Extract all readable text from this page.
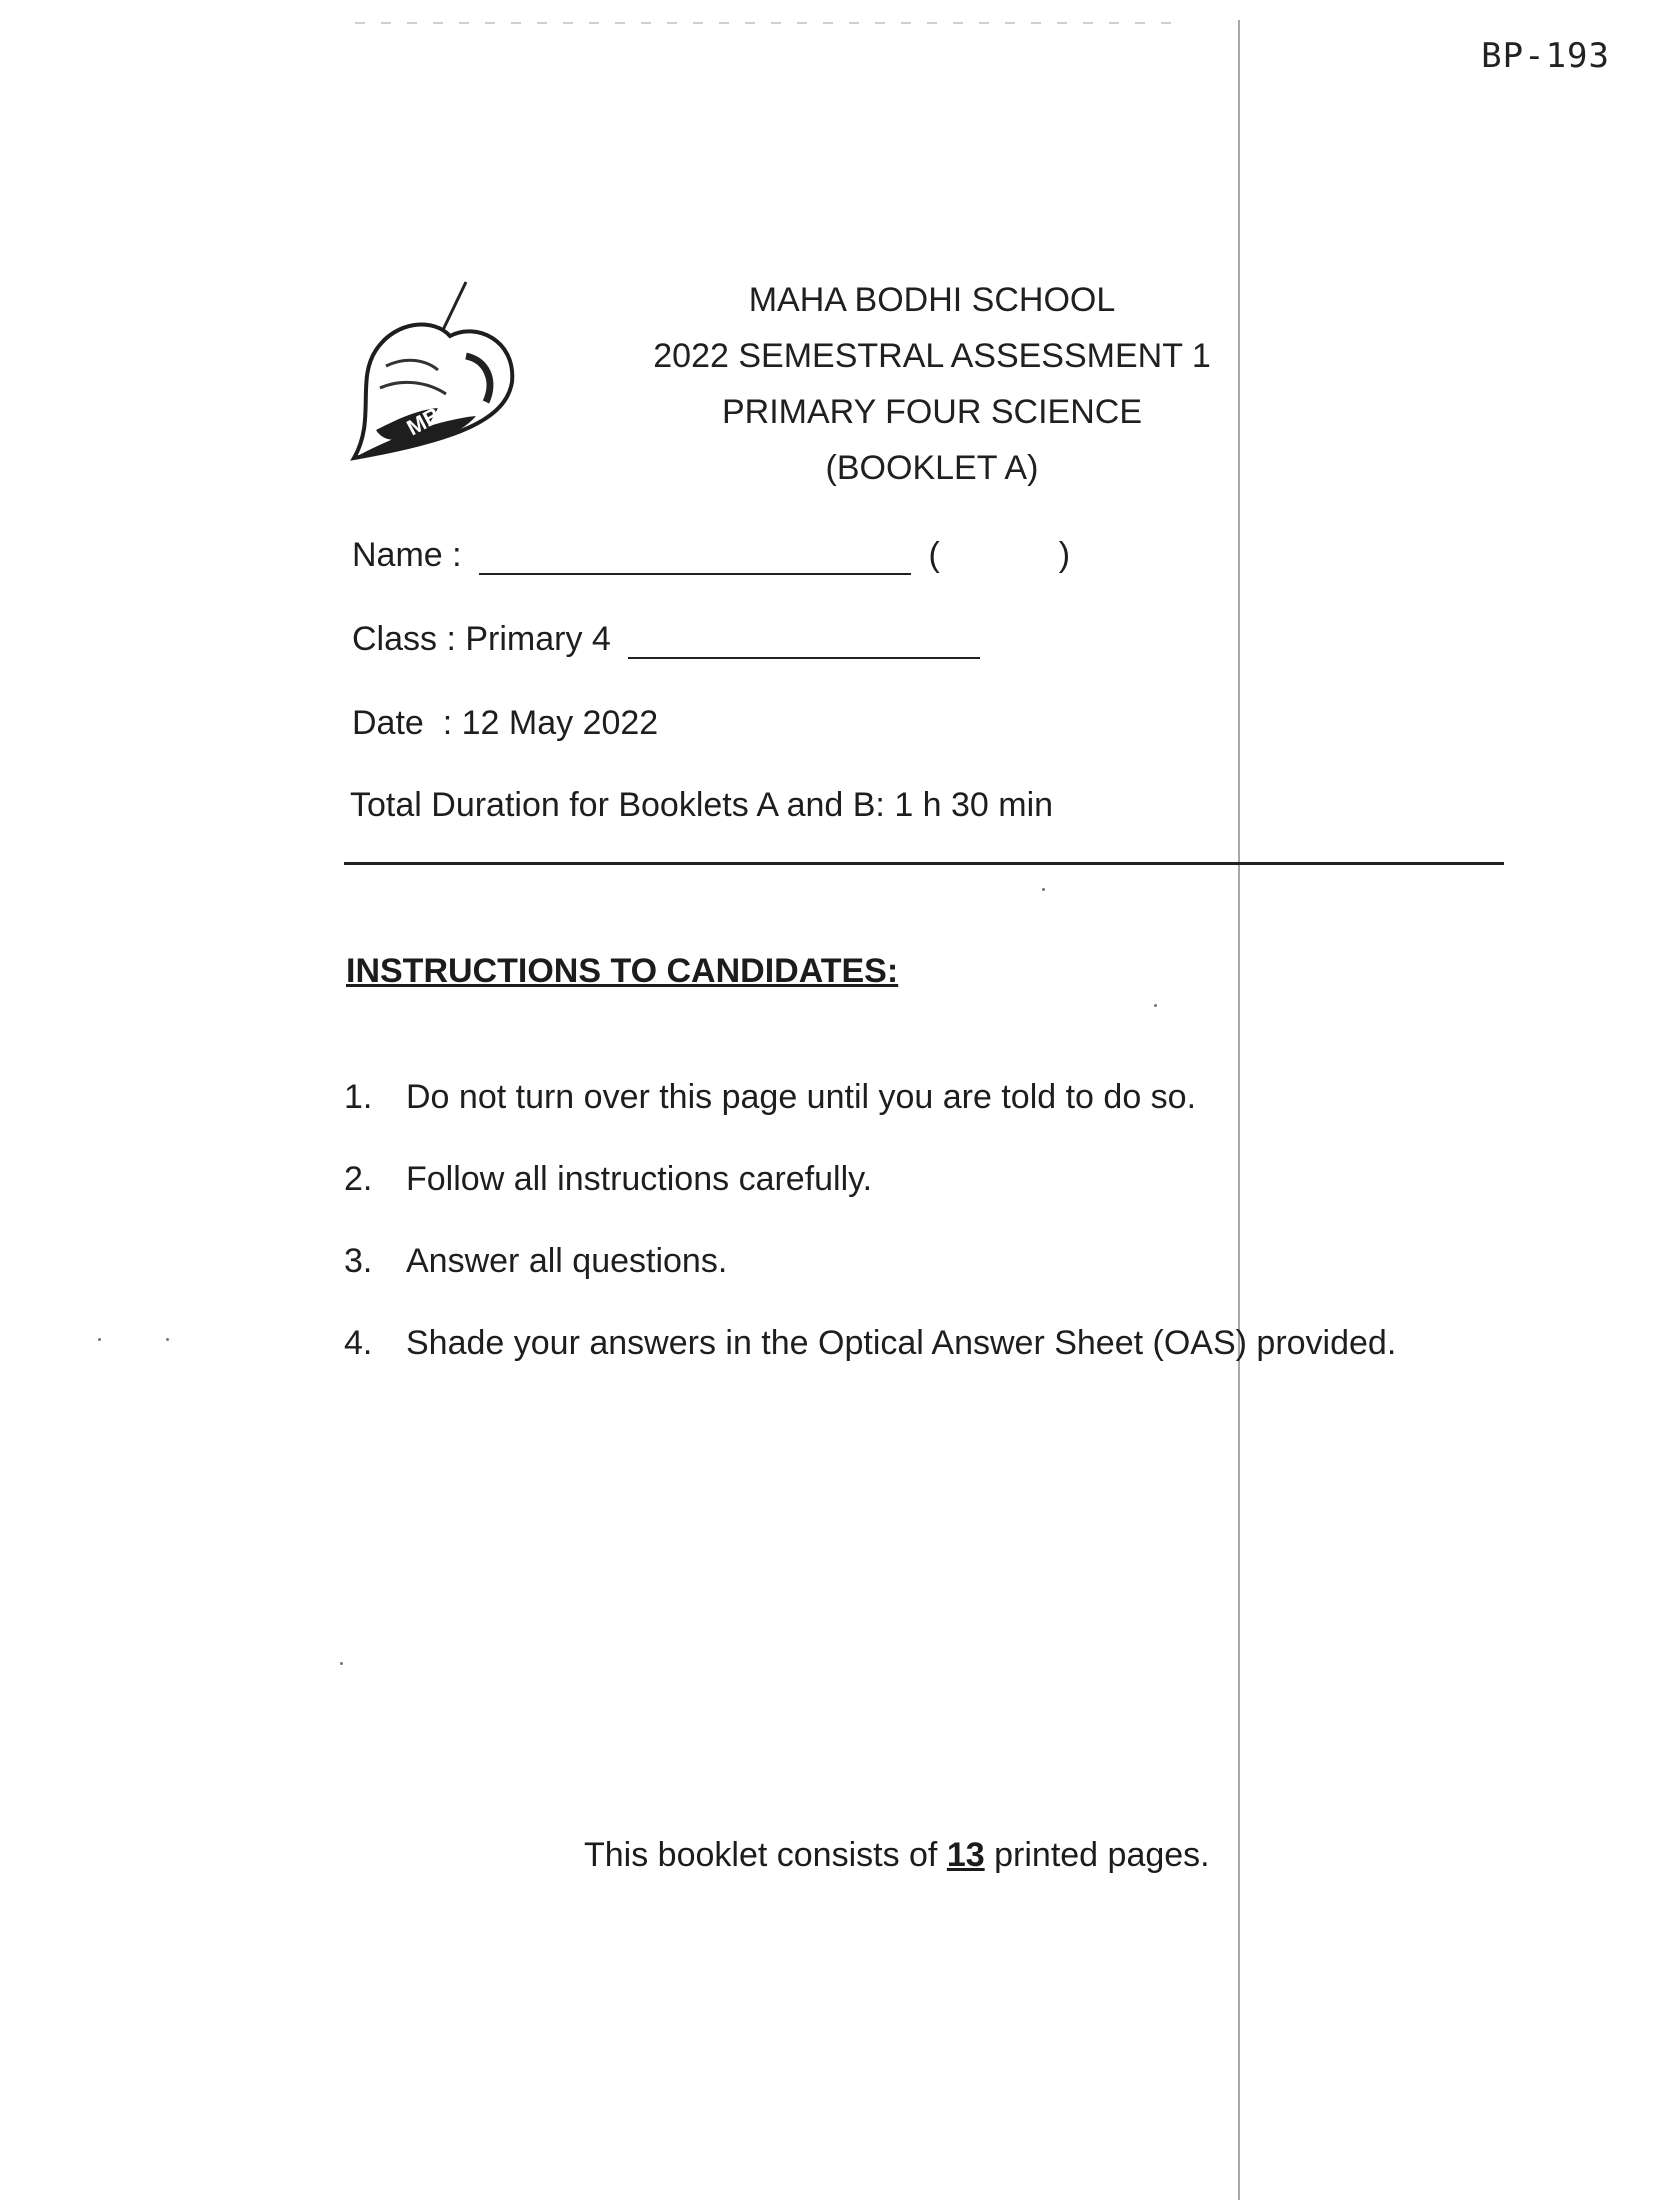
BP-193
MBS
MAHA BODHI SCHOOL
2022 SEMESTRAL ASSESSMENT 1
PRIMARY FOUR SCIENCE
(BOOKLET A)
Name :	(	)
Class : Primary 4
Date  : 12 May 2022
Total Duration for Booklets A and B: 1 h 30 min
INSTRUCTIONS TO CANDIDATES:
1. Do not turn over this page until you are told to do so.
2. Follow all instructions carefully.
3. Answer all questions.
4. Shade your answers in the Optical Answer Sheet (OAS) provided.
This booklet consists of 13 printed pages.
